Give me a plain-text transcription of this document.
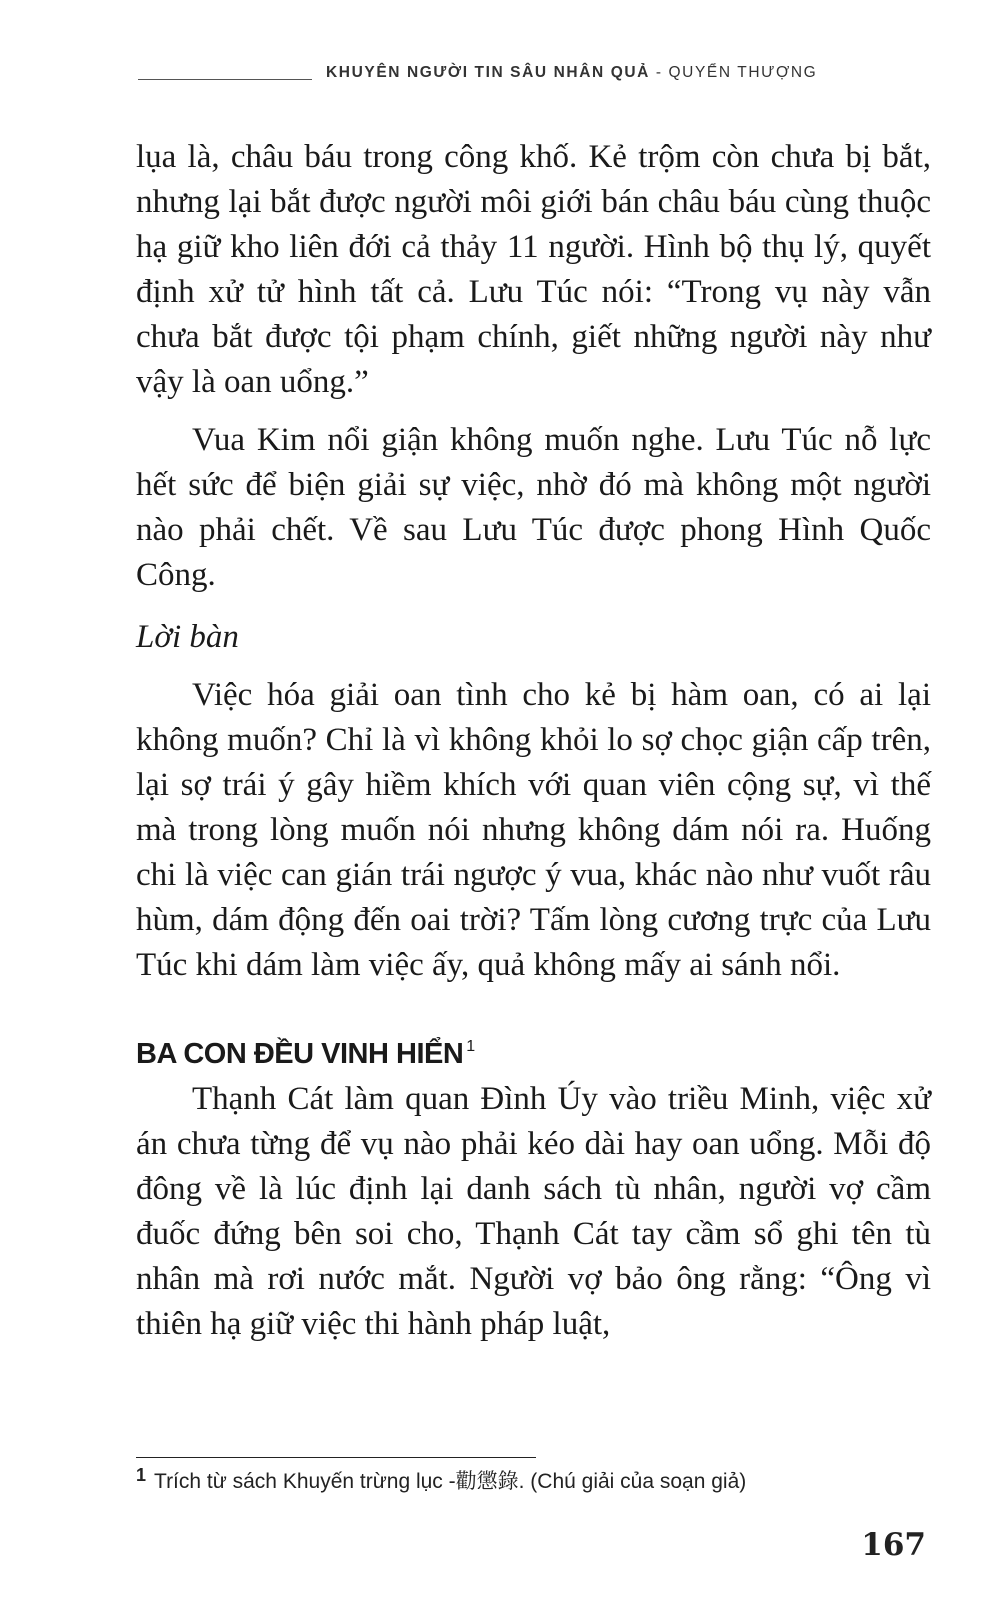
KHUYÊN NGƯỜI TIN SÂU NHÂN QUẢ - QUYỂN THƯỢNG

lụa là, châu báu trong công khố. Kẻ trộm còn chưa bị bắt, nhưng lại bắt được người môi giới bán châu báu cùng thuộc hạ giữ kho liên đới cả thảy 11 người. Hình bộ thụ lý, quyết định xử tử hình tất cả. Lưu Túc nói: “Trong vụ này vẫn chưa bắt được tội phạm chính, giết những người này như vậy là oan uổng.”

Vua Kim nổi giận không muốn nghe. Lưu Túc nỗ lực hết sức để biện giải sự việc, nhờ đó mà không một người nào phải chết. Về sau Lưu Túc được phong Hình Quốc Công.

Lời bàn

Việc hóa giải oan tình cho kẻ bị hàm oan, có ai lại không muốn? Chỉ là vì không khỏi lo sợ chọc giận cấp trên, lại sợ trái ý gây hiềm khích với quan viên cộng sự, vì thế mà trong lòng muốn nói nhưng không dám nói ra. Huống chi là việc can gián trái ngược ý vua, khác nào như vuốt râu hùm, dám động đến oai trời? Tấm lòng cương trực của Lưu Túc khi dám làm việc ấy, quả không mấy ai sánh nổi.

BA CON ĐỀU VINH HIỂN $^1$

Thạnh Cát làm quan Đình Úy vào triều Minh, việc xử án chưa từng để vụ nào phải kéo dài hay oan uổng. Mỗi độ đông về là lúc định lại danh sách tù nhân, người vợ cầm đuốc đứng bên soi cho, Thạnh Cát tay cầm sổ ghi tên tù nhân mà rơi nước mắt. Người vợ bảo ông rằng: “Ông vì thiên hạ giữ việc thi hành pháp luật,

1 Trích từ sách Khuyến trừng lục -勸懲錄. (Chú giải của soạn giả)
167
